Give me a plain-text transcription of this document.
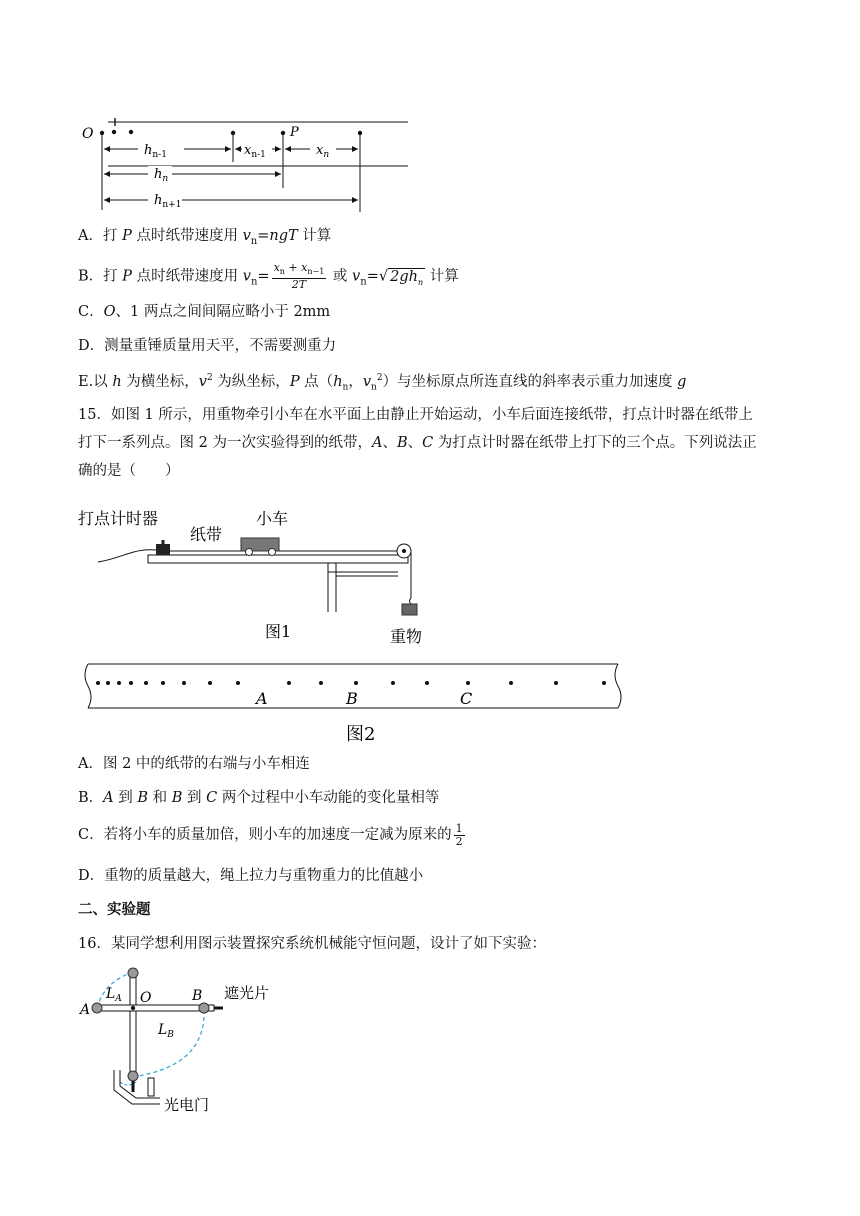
O	P
$h_{n-1}$	$x_{n-1}$	$x_n$
$h_n$
$h_{n+1}$
A．打 P 点时纸带速度用 $v_n=ngT$ 计算
B．打 P 点时纸带速度用 $v_n= \frac{x_n + x_{n-1}}{2T}$ 或 $v_n=√$ $2gh_n$ 计算
C．O、1 两点之间间隔应略小于 2mm
D．测量重锤质量用天平，不需要测重力
E.以 h 为横坐标，$v^2$ 为纵坐标，P 点（$h_n$，$v_n^2$）与坐标原点所连直线的斜率表示重力加速度 g
15．如图 1 所示，用重物牵引小车在水平面上由静止开始运动，小车后面连接纸带，打点计时器在纸带上
打下一系列点。图 2 为一次实验得到的纸带，A、B、C 为打点计时器在纸带上打下的三个点。下列说法正
确的是（　　）
打点计时器
纸带
小车
重物
图1
A	B	C
图2
A．图 2 中的纸带的右端与小车相连
B．A 到 B 和 B 到 C 两个过程中小车动能的变化量相等
C．若将小车的质量加倍，则小车的加速度一定减为原来的 $\frac{1}{2}$
D．重物的质量越大，绳上拉力与重物重力的比值越小
二、实验题
16．某同学想利用图示装置探究系统机械能守恒问题，设计了如下实验：
A
$L_A$ O	B
$L_B$
遮光片
光电门
